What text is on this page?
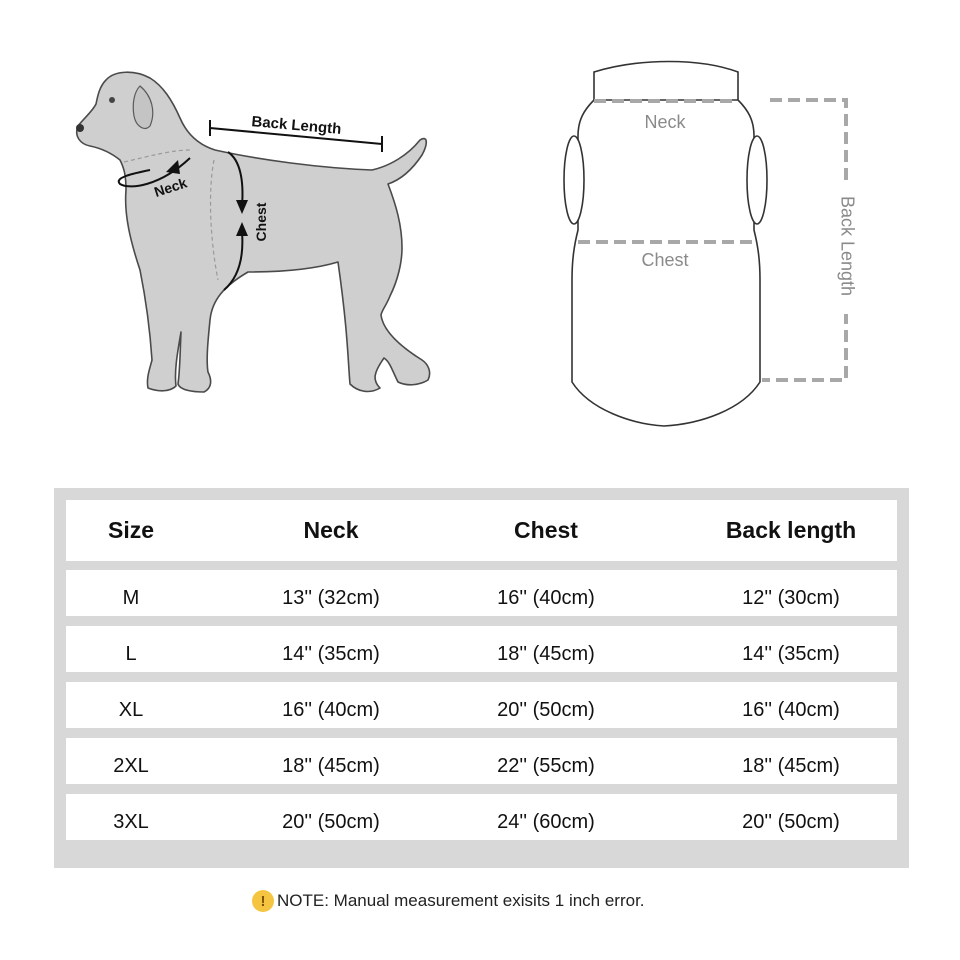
Back Length
Neck
Chest
Neck
Chest	Back Length
Size	Neck	Chest	Back length
M	13'' (32cm)	16'' (40cm)	12'' (30cm)
L	14'' (35cm)	18'' (45cm)	14'' (35cm)
XL	16'' (40cm)	20'' (50cm)	16'' (40cm)
2XL	18'' (45cm)	22'' (55cm)	18'' (45cm)
3XL	20'' (50cm)	24'' (60cm)	20'' (50cm)
! NOTE: Manual measurement exisits 1 inch error.
